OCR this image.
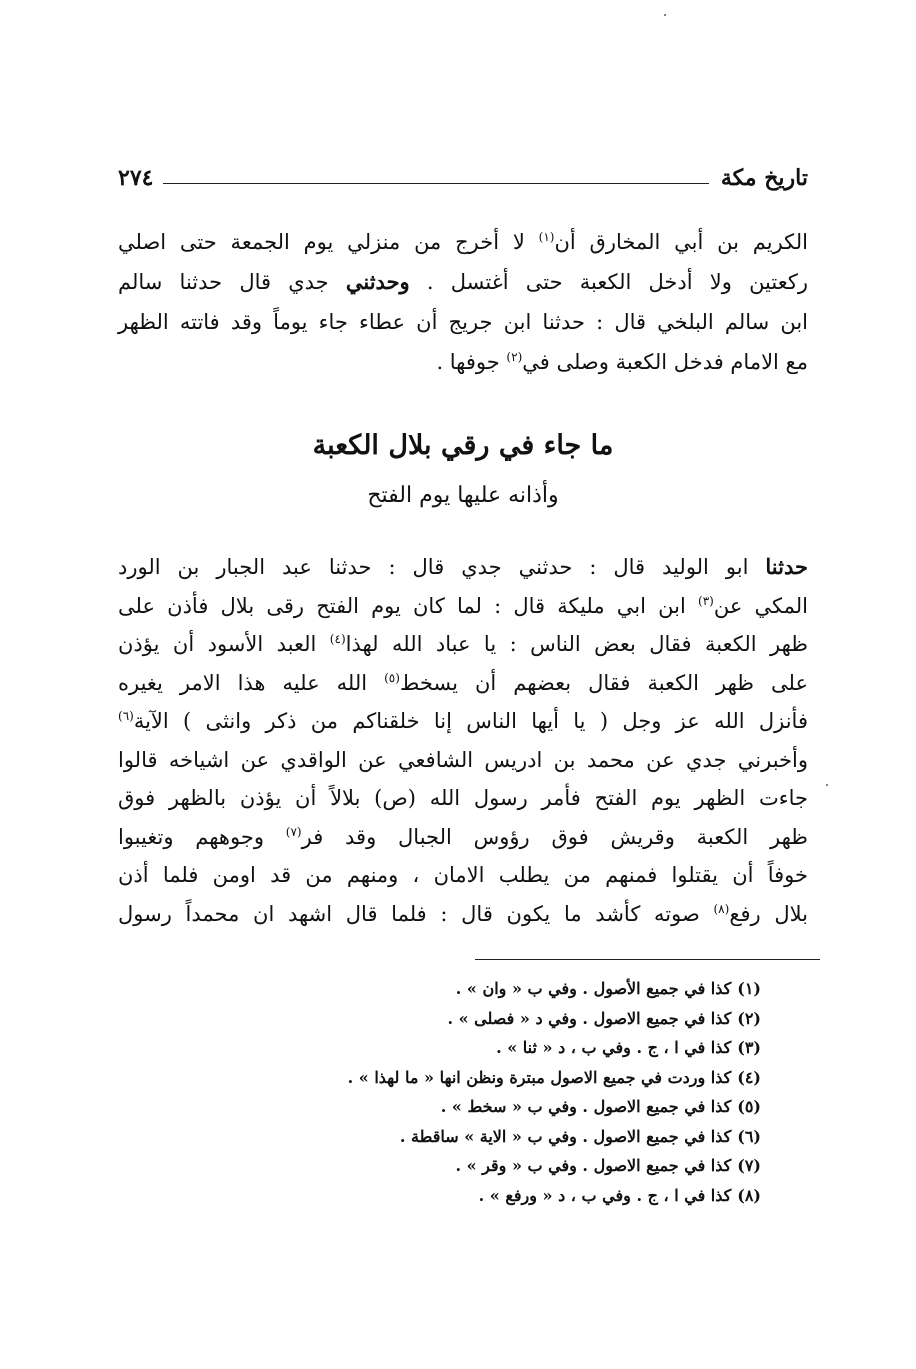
تاريخ مكة
٢٧٤
الكريم بن أبي المخارق أن$^{(١)}$ لا أخرج من منزلي يوم الجمعة حتى اصلي
ركعتين ولا أدخل الكعبة حتى أغتسل . وحدثني جدي قال حدثنا سالم
ابن سالم البلخي قال : حدثنا ابن جريج أن عطاء جاء يوماً وقد فاتته الظهر
مع الامام فدخل الكعبة وصلى في$^{(٢)}$ جوفها .
ما جاء في رقي بلال الكعبة
وأذانه عليها يوم الفتح
حدثنا ابو الوليد قال : حدثني جدي قال : حدثنا عبد الجبار بن الورد
المكي عن$^{(٣)}$ ابن ابي مليكة قال : لما كان يوم الفتح رقى بلال فأذن على
ظهر الكعبة فقال بعض الناس : يا عباد الله لهذا$^{(٤)}$ العبد الأسود أن يؤذن
على ظهر الكعبة فقال بعضهم أن يسخط$^{(٥)}$ الله عليه هذا الامر يغيره
فأنزل الله عز وجل ( يا أيها الناس إنا خلقناكم من ذكر وانثى ) الآية$^{(٦)}$
وأخبرني جدي عن محمد بن ادريس الشافعي عن الواقدي عن اشياخه قالوا
جاءت الظهر يوم الفتح فأمر رسول الله (ص) بلالاً أن يؤذن بالظهر فوق
ظهر الكعبة وقريش فوق رؤوس الجبال وقد فر$^{(٧)}$ وجوههم وتغيبوا
خوفاً أن يقتلوا فمنهم من يطلب الامان ، ومنهم من قد اومن فلما أذن
بلال رفع$^{(٨)}$ صوته كأشد ما يكون قال : فلما قال اشهد ان محمداً رسول
(١)كذا في جميع الأصول . وفي ب « وان » .
(٢)كذا في جميع الاصول . وفي د « فصلى » .
(٣)كذا في ا ، ج . وفي ب ، د « ثنا » .
(٤)كذا وردت في جميع الاصول مبترة ونظن انها « ما لهذا » .
(٥)كذا في جميع الاصول . وفي ب « سخط » .
(٦)كذا في جميع الاصول . وفي ب « الاية » ساقطة .
(٧)كذا في جميع الاصول . وفي ب « وقر » .
(٨)كذا في ا ، ج . وفي ب ، د « ورفع » .
